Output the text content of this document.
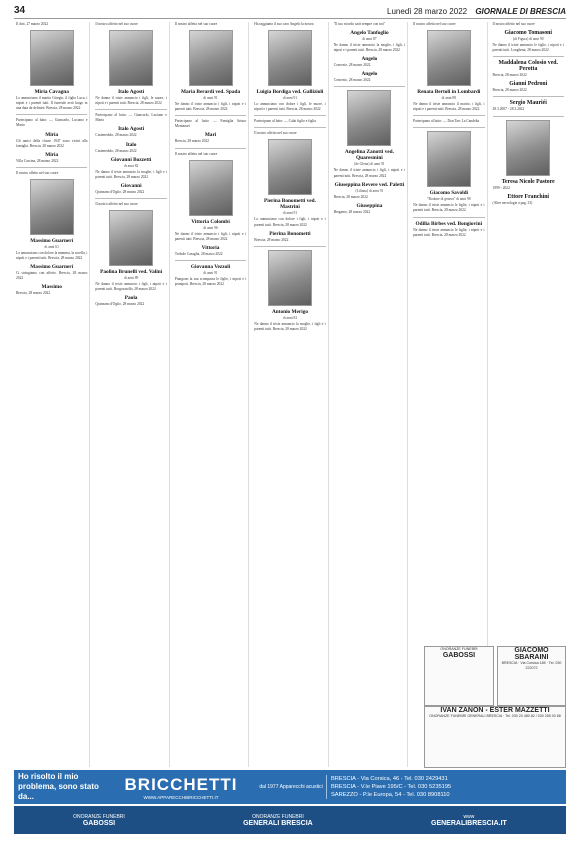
34	Lunedì 28 marzo 2022 GIORNALE DI BRESCIA
Il dott. 27 marzo 2022
Miria Cavagna
Lo annunciano il marito Giorgio, il figlio Luca, i nipoti e i parenti tutti. Il funerale avrà luogo in una data da definire. Brescia, 28 marzo 2022
Partecipano al lutto: — Giancarlo, Luciano e Mario
Miria
Gli amici della classe 1947 sono vicini alla famiglia. Brescia, 28 marzo 2022
Miria
Villa Carcina, 28 marzo 2022
Il nostro affetto nel suo cuore
Massimo Guarneri
di anni 61
Lo annunciano con dolore la mamma, la sorella, i nipoti e i parenti tutti. Brescia, 28 marzo 2022
Massimo Guarneri
Ci stringiamo con affetto. Brescia, 28 marzo 2022
Massimo
Brescia, 28 marzo 2022
Il nostro affetto nel suo cuore
Italo Agosti
Ne danno il triste annuncio i figli, le nuore, i nipoti e i parenti tutti. Brescia, 28 marzo 2022
Partecipano al lutto: — Giancarlo, Luciano e Mario
Italo Agosti
Castenedolo, 28 marzo 2022
Italo
Castenedolo, 28 marzo 2022
Giovanni Bozzetti
di anni 82
Ne danno il triste annuncio la moglie, i figli e i parenti tutti. Brescia, 28 marzo 2022
Giovanni
Quinzano d'Oglio, 28 marzo 2022
Il nostro affetto nel suo cuore
Paolina Brunelli ved. Valini
di anni 89
Ne danno il triste annuncio i figli, i nipoti e i parenti tutti. Borgosatollo, 28 marzo 2022
Paola
Quinzano d'Oglio, 28 marzo 2022
Il nostro affetto nel suo cuore
Maria Berardi ved. Spada
di anni 91
Ne danno il triste annuncio i figli, i nipoti e i parenti tutti. Brescia, 28 marzo 2022
Partecipano al lutto: — Famiglia Arturo Montanari
Mari
Brescia, 28 marzo 2022
Il nostro affetto nel suo cuore
Vittoria Colombi
di anni 96
Ne danno il triste annuncio i figli, i nipoti e i parenti tutti. Brescia, 28 marzo 2022
Vittoria
Torbole Casaglia, 28 marzo 2022
Giovanna Vezzoli
di anni 91
Piangono la sua scomparsa le figlie, i nipoti e i pronipoti. Brescia, 28 marzo 2022
Ha raggiunto il suo caro Angelo la nostra
Luigia Bordiga ved. Gallizioli
di anni 91
Lo annunciano con dolore i figli, le nuore, i nipoti e i parenti tutti. Brescia, 28 marzo 2022
Partecipano al lutto: — Calai figlio e figlia
Il nostro affetto nel suo cuore
Pierina Bonometti ved. Mastrini
di anni 91
Lo annunciano con dolore i figli, i nipoti e i parenti tutti. Brescia, 28 marzo 2022
Pierina Bonometti
Brescia, 28 marzo 2022
Antonio Merigo
di anni 82
Ne danno il triste annuncio la moglie, i figli e i parenti tutti. Brescia, 28 marzo 2022
"Il tuo ricordo sarà sempre con noi"
Angelo Tanfoglio
di anni 87
Ne danno il triste annuncio la moglie, i figli, i nipoti e i parenti tutti. Brescia, 28 marzo 2022
Angelo
Concesio, 28 marzo 2022
Angelo
Concesio, 28 marzo 2022
Angelina Zanotti ved. Quaresmini
(de Glena) di anni 91
Ne danno il triste annuncio i figli, i nipoti e i parenti tutti. Brescia, 28 marzo 2022
Giuseppina Revere ved. Paletti
(Liliana) di anni 91
Brescia, 28 marzo 2022
Giuseppina
Bergamo, 28 marzo 2022
Il nostro affetto nel suo cuore
Renata Bertoli in Lombardi
di anni 88
Ne danno il triste annuncio il marito, i figli, i nipoti e i parenti tutti. Brescia, 28 marzo 2022
Partecipano al lutto: — Don Tarc La Candelia
Giacomo Savoldi
"Rodone di genera" di anni 98
Ne danno il triste annuncio le figlie, i nipoti e i parenti tutti. Brescia, 28 marzo 2022
Odilia Birbes ved. Bongiovini
Ne danno il triste annuncio le figlie, i nipoti e i parenti tutti. Brescia, 28 marzo 2022
Il nostro affetto nel suo cuore
Giacomo Tomasoni
(di Figura) di anni 90
Ne danno il triste annuncio le figlie, i nipoti e i parenti tutti. Longhena, 28 marzo 2022
Maddalena Colosio ved. Perotta
Brescia, 28 marzo 2022
Gianni Pedroni
Brescia, 28 marzo 2022
Sergio Mauriéi
28.3.2007 - 28.3.2022
Teresa Nicole Pastore
1999 - 2022
Ettore Franchini
(Altre necrologie a pag. 33)
ONORANZE FUNEBRI
GABOSSI
GIACOMO SBARAINI
BRESCIA · Via Corsica 185 · Tel. 030 222072
IVAN ZANON - ESTER MAZZETTI
ONORANZE FUNEBRI GENERALI BRESCIA · Tel. 030 20 480 82 / 030 255 00 68
Ho risolto il mio problema, sono stato da...
BRICCHETTI
WWW.APPARECCHIBRICCHETTI.IT
dal 1977 Apparecchi acustici
BRESCIA - Via Corsica, 46 - Tel. 030 2429431
BRESCIA - V.le Piave 195/C - Tel. 030 5235195
SAREZZO - P.le Europa, 54 - Tel. 030 8908110
ONORANZE FUNEBRI
GABOSSI
ONORANZE FUNEBRI
GENERALI BRESCIA
www
GENERALIBRESCIA.IT
